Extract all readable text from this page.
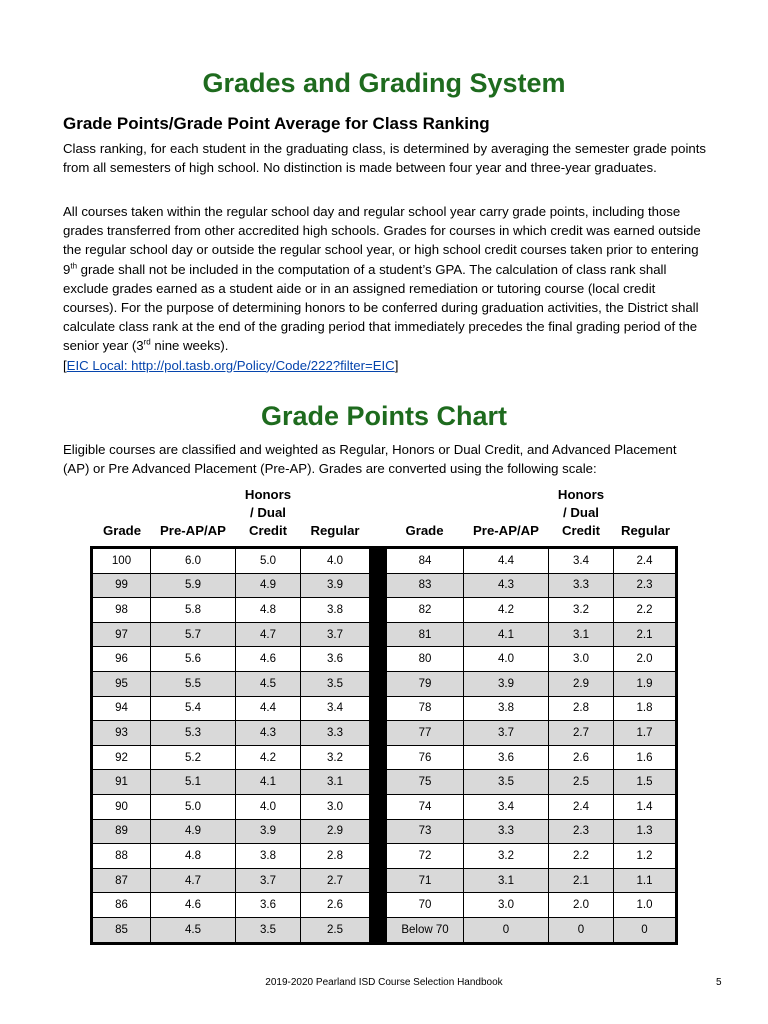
Grades and Grading System
Grade Points/Grade Point Average for Class Ranking

Class ranking, for each student in the graduating class, is determined by averaging the semester grade points from all semesters of high school. No distinction is made between four year and three-year graduates.

All courses taken within the regular school day and regular school year carry grade points, including those grades transferred from other accredited high schools. Grades for courses in which credit was earned outside the regular school day or outside the regular school year, or high school credit courses taken prior to entering 9th grade shall not be included in the computation of a student’s GPA. The calculation of class rank shall exclude grades earned as a student aide or in an assigned remediation or tutoring course (local credit courses). For the purpose of determining honors to be conferred during graduation activities, the District shall calculate class rank at the end of the grading period that immediately precedes the final grading period of the senior year (3rd nine weeks).
[EIC Local: http://pol.tasb.org/Policy/Code/222?filter=EIC]

Grade Points Chart

Eligible courses are classified and weighted as Regular, Honors or Dual Credit, and Advanced Placement (AP) or Pre Advanced Placement (Pre-AP). Grades are converted using the following scale:

Grade	Pre-AP/AP
Honors
/ Dual
Credit	Regular	Grade	Pre-AP/AP
Honors
/ Dual
Credit	Regular
100	6.0	5.0	4.0		84	4.4	3.4	2.4
99	5.9	4.9	3.9		83	4.3	3.3	2.3
98	5.8	4.8	3.8		82	4.2	3.2	2.2
97	5.7	4.7	3.7		81	4.1	3.1	2.1
96	5.6	4.6	3.6		80	4.0	3.0	2.0
95	5.5	4.5	3.5		79	3.9	2.9	1.9
94	5.4	4.4	3.4		78	3.8	2.8	1.8
93	5.3	4.3	3.3		77	3.7	2.7	1.7
92	5.2	4.2	3.2		76	3.6	2.6	1.6
91	5.1	4.1	3.1		75	3.5	2.5	1.5
90	5.0	4.0	3.0		74	3.4	2.4	1.4
89	4.9	3.9	2.9		73	3.3	2.3	1.3
88	4.8	3.8	2.8		72	3.2	2.2	1.2
87	4.7	3.7	2.7		71	3.1	2.1	1.1
86	4.6	3.6	2.6		70	3.0	2.0	1.0
85	4.5	3.5	2.5		Below 70	0	0	0

2019-2020 Pearland ISD Course Selection Handbook	5
